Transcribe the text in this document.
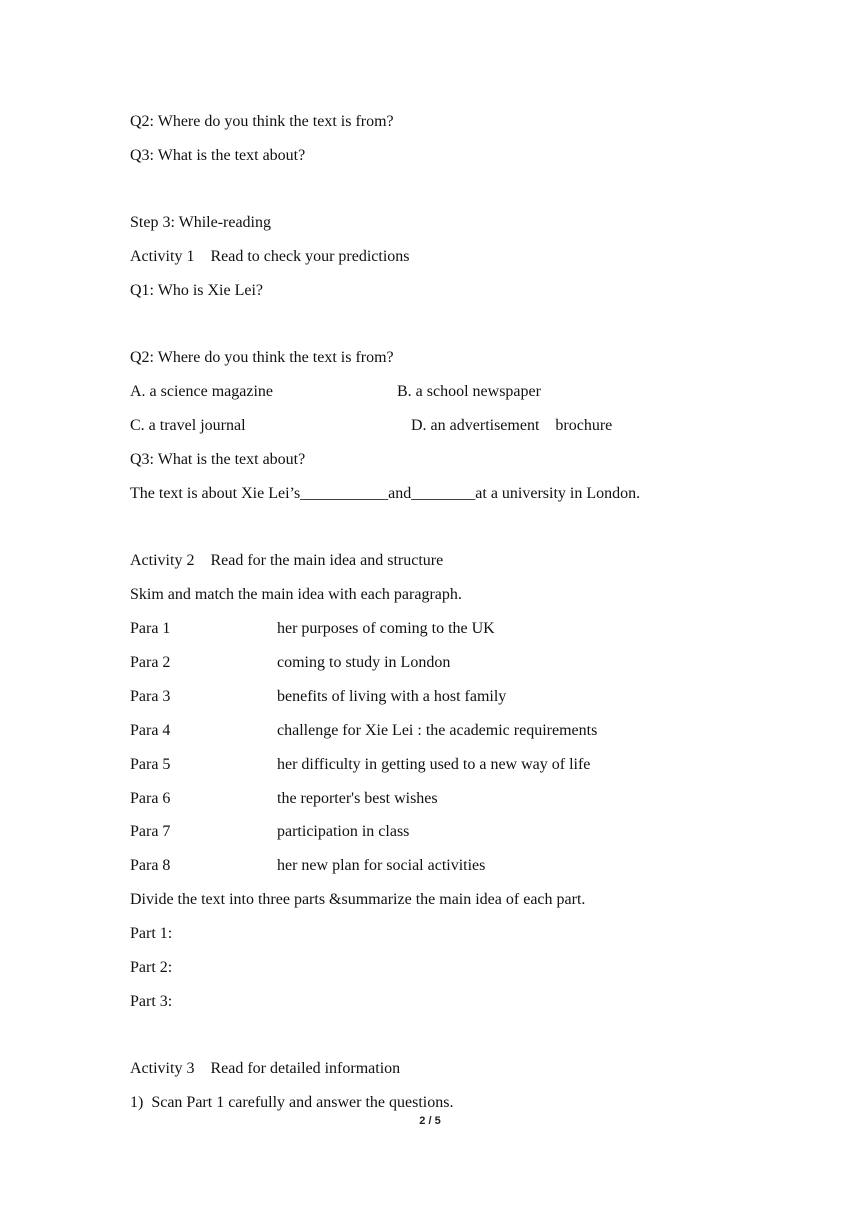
Q2: Where do you think the text is from?
Q3: What is the text about?
Step 3: While-reading
Activity 1    Read to check your predictions
Q1: Who is Xie Lei?
Q2: Where do you think the text is from?
A. a science magazine	B. a school newspaper
C. a travel journal	D. an advertisement    brochure
Q3: What is the text about?
The text is about Xie Lei’s___________and________at a university in London.
Activity 2    Read for the main idea and structure
Skim and match the main idea with each paragraph.
Para 1	her purposes of coming to the UK
Para 2	coming to study in London
Para 3	benefits of living with a host family
Para 4	challenge for Xie Lei : the academic requirements
Para 5	her difficulty in getting used to a new way of life
Para 6	the reporter's best wishes
Para 7	participation in class
Para 8	her new plan for social activities
Divide the text into three parts &summarize the main idea of each part.
Part 1:
Part 2:
Part 3:
Activity 3    Read for detailed information
1)  Scan Part 1 carefully and answer the questions.
2 / 5
